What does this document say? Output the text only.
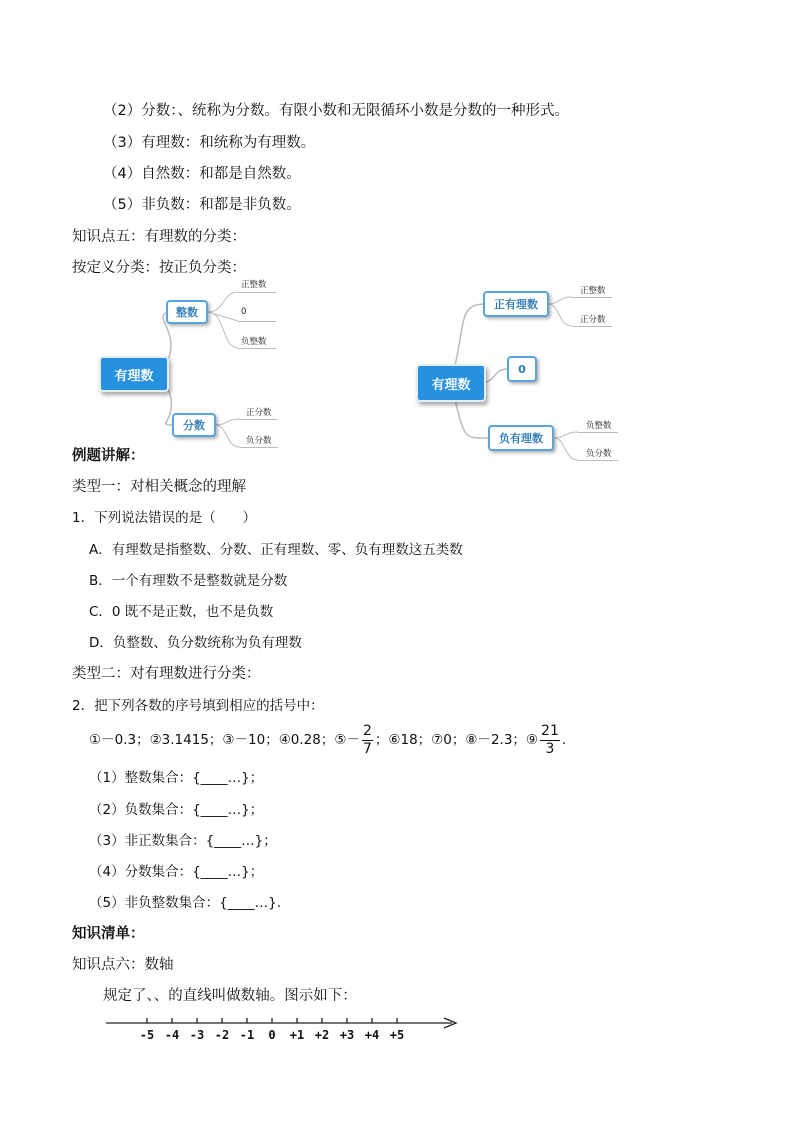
（2）分数：、统称为分数。有限小数和无限循环小数是分数的一种形式。
（3）有理数：和统称为有理数。
（4）自然数：和都是自然数。
（5）非负数：和都是非负数。
知识点五：有理数的分类：
按定义分类：按正负分类：
有理数
整数
分数
正整数
0
负整数
正分数
负分数
有理数
正有理数
0
负有理数
正整数
正分数
负整数
负分数
例题讲解：
类型一：对相关概念的理解
1．下列说法错误的是（　　）
A．有理数是指整数、分数、正有理数、零、负有理数这五类数
B．一个有理数不是整数就是分数
C．0 既不是正数，也不是负数
D．负整数、负分数统称为负有理数
类型二：对有理数进行分类：
2．把下列各数的序号填到相应的括号中：
①－0.3；②3.1415；③－10；④0.28；⑤－ $\frac{2}{7}$ ；⑥18；⑦0；⑧－2.3；⑨ $\frac{21}{3}$ .
（1）整数集合：{____…}；
（2）负数集合：{____…}；
（3）非正数集合：{____…}；
（4）分数集合：{____…}；
（5）非负整数集合：{____…}.
知识清单：
知识点六：数轴
规定了、、的直线叫做数轴。图示如下：
-5 -4 -3 -2 -1	0	+1 +2 +3 +4 +5
